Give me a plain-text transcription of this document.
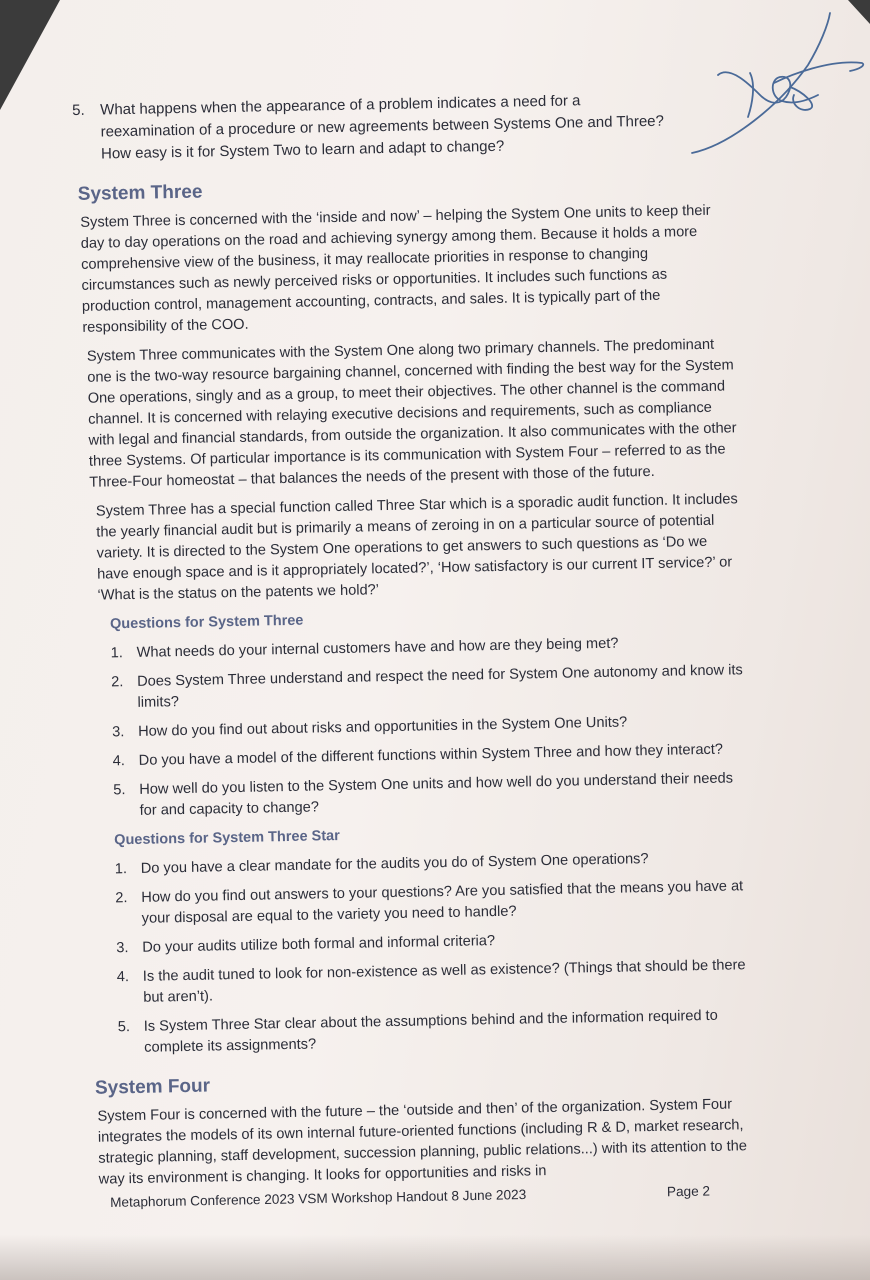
5. What happens when the appearance of a problem indicates a need for a
reexamination of a procedure or new agreements between Systems One and Three?
How easy is it for System Two to learn and adapt to change?
System Three

System Three is concerned with the ‘inside and now’ – helping the System One units to keep their day to day operations on the road and achieving synergy among them. Because it holds a more comprehensive view of the business, it may reallocate priorities in response to changing circumstances such as newly perceived risks or opportunities. It includes such functions as production control, management accounting, contracts, and sales. It is typically part of the responsibility of the COO.

System Three communicates with the System One along two primary channels. The predominant one is the two-way resource bargaining channel, concerned with finding the best way for the System One operations, singly and as a group, to meet their objectives. The other channel is the command channel. It is concerned with relaying executive decisions and requirements, such as compliance with legal and financial standards, from outside the organization. It also communicates with the other three Systems. Of particular importance is its communication with System Four – referred to as the Three-Four homeostat – that balances the needs of the present with those of the future.

System Three has a special function called Three Star which is a sporadic audit function. It includes the yearly financial audit but is primarily a means of zeroing in on a particular source of potential variety. It is directed to the System One operations to get answers to such questions as ‘Do we have enough space and is it appropriately located?’, ‘How satisfactory is our current IT service?’ or ‘What is the status on the patents we hold?’

Questions for System Three
1. What needs do your internal customers have and how are they being met?
2. Does System Three understand and respect the need for System One autonomy and know its limits?
3. How do you find out about risks and opportunities in the System One Units?
4. Do you have a model of the different functions within System Three and how they interact?
5. How well do you listen to the System One units and how well do you understand their needs for and capacity to change?
Questions for System Three Star
1. Do you have a clear mandate for the audits you do of System One operations?
2. How do you find out answers to your questions? Are you satisfied that the means you have at your disposal are equal to the variety you need to handle?
3. Do your audits utilize both formal and informal criteria?
4. Is the audit tuned to look for non-existence as well as existence? (Things that should be there but aren’t).
5. Is System Three Star clear about the assumptions behind and the information required to complete its assignments?
System Four

System Four is concerned with the future – the ‘outside and then’ of the organization. System Four integrates the models of its own internal future-oriented functions (including R & D, market research, strategic planning, staff development, succession planning, public relations...) with its attention to the way its environment is changing. It looks for opportunities and risks in

Metaphorum Conference 2023 VSM Workshop Handout 8 June 2023	Page 2
